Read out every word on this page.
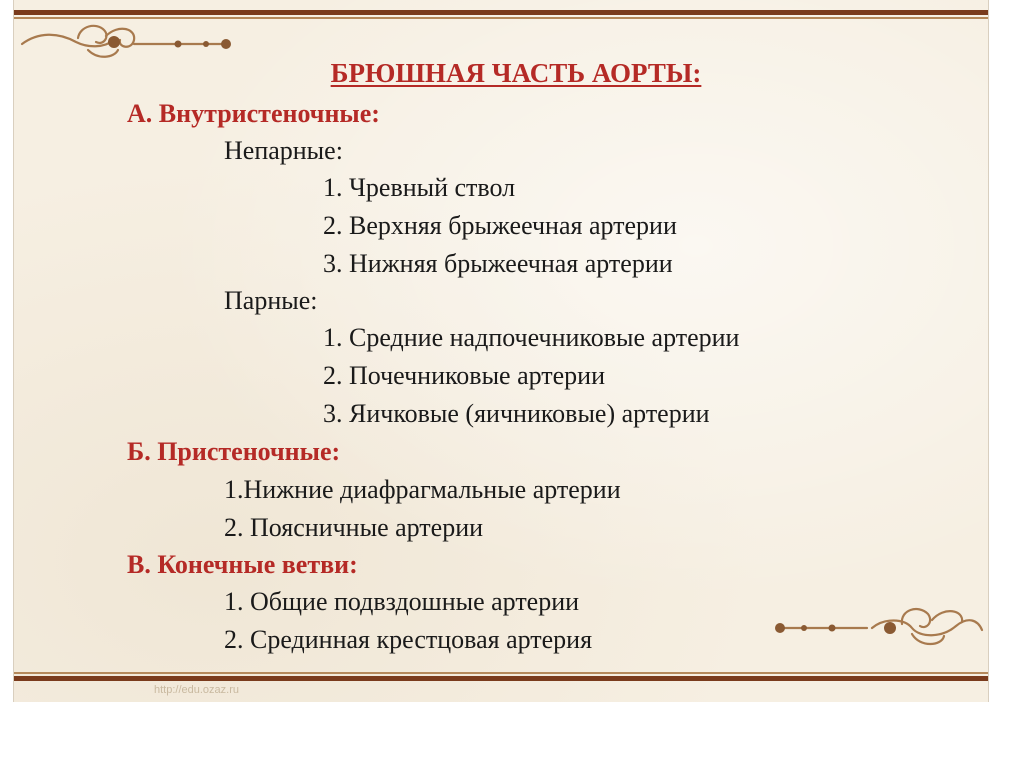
БРЮШНАЯ ЧАСТЬ АОРТЫ:
А. Внутристеночные:
Непарные:
1. Чревный ствол
2. Верхняя брыжеечная артерии
3. Нижняя брыжеечная артерии
Парные:
1. Средние надпочечниковые артерии
2. Почечниковые артерии
3. Яичковые (яичниковые) артерии
Б. Пристеночные:
1.Нижние диафрагмальные артерии
2. Поясничные артерии
В. Конечные ветви:
1. Общие подвздошные артерии
2. Срединная крестцовая артерия
http://edu.ozaz.ru
